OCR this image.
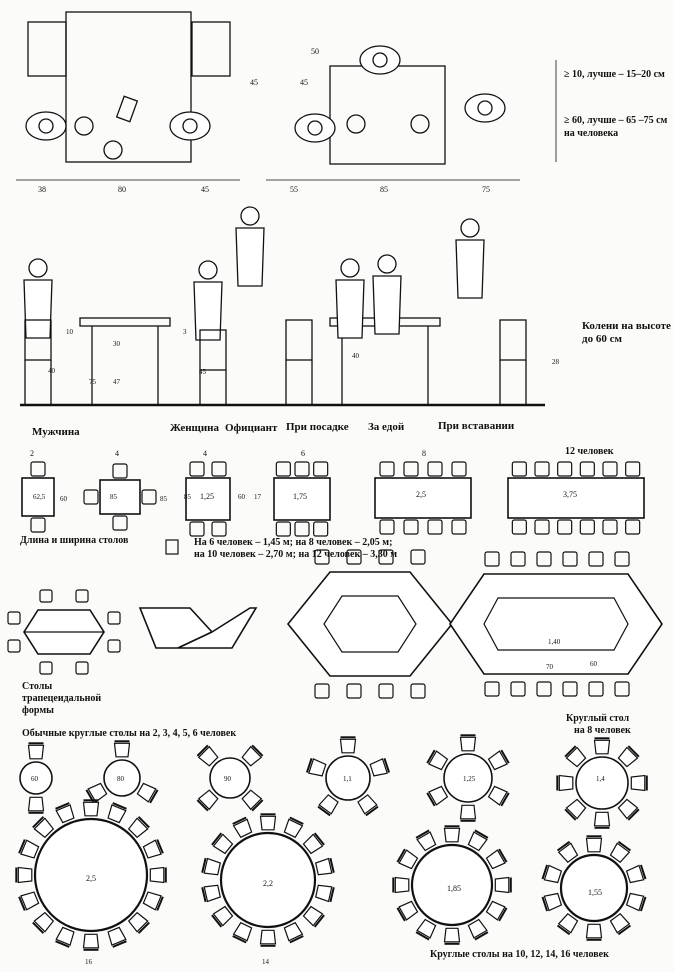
≥ 10, лучше – 15–20 см
≥ 60, лучше – 65 –75 см на человека
38	80	45	55	85	75
45
50
45
Мужчина	Женщина Официант При посадке За едой	При вставании
Колени на высоте до 60 см
10
40
30
47
75
45
40
28
3
2	4	4	6	8	12 человек
62,5	85	1,25	1,75	2,5	3,75
60	85	60 17
85
Длина и ширина столов	На 6 человек – 1,45 м; на 8 человек – 2,05 м;
на 10 человек – 2,70 м; на 12 человек – 3,30 м
Столы
трапецеидальной
формы
1,40
70	60
Обычные круглые столы на 2, 3, 4, 5, 6 человек
Круглый стол
на 8 человек
60	80	90	1,1	1,25	1,4
2,5
2,2
1,85	1,55
16	14
Круглые столы на 10, 12, 14, 16 человек
